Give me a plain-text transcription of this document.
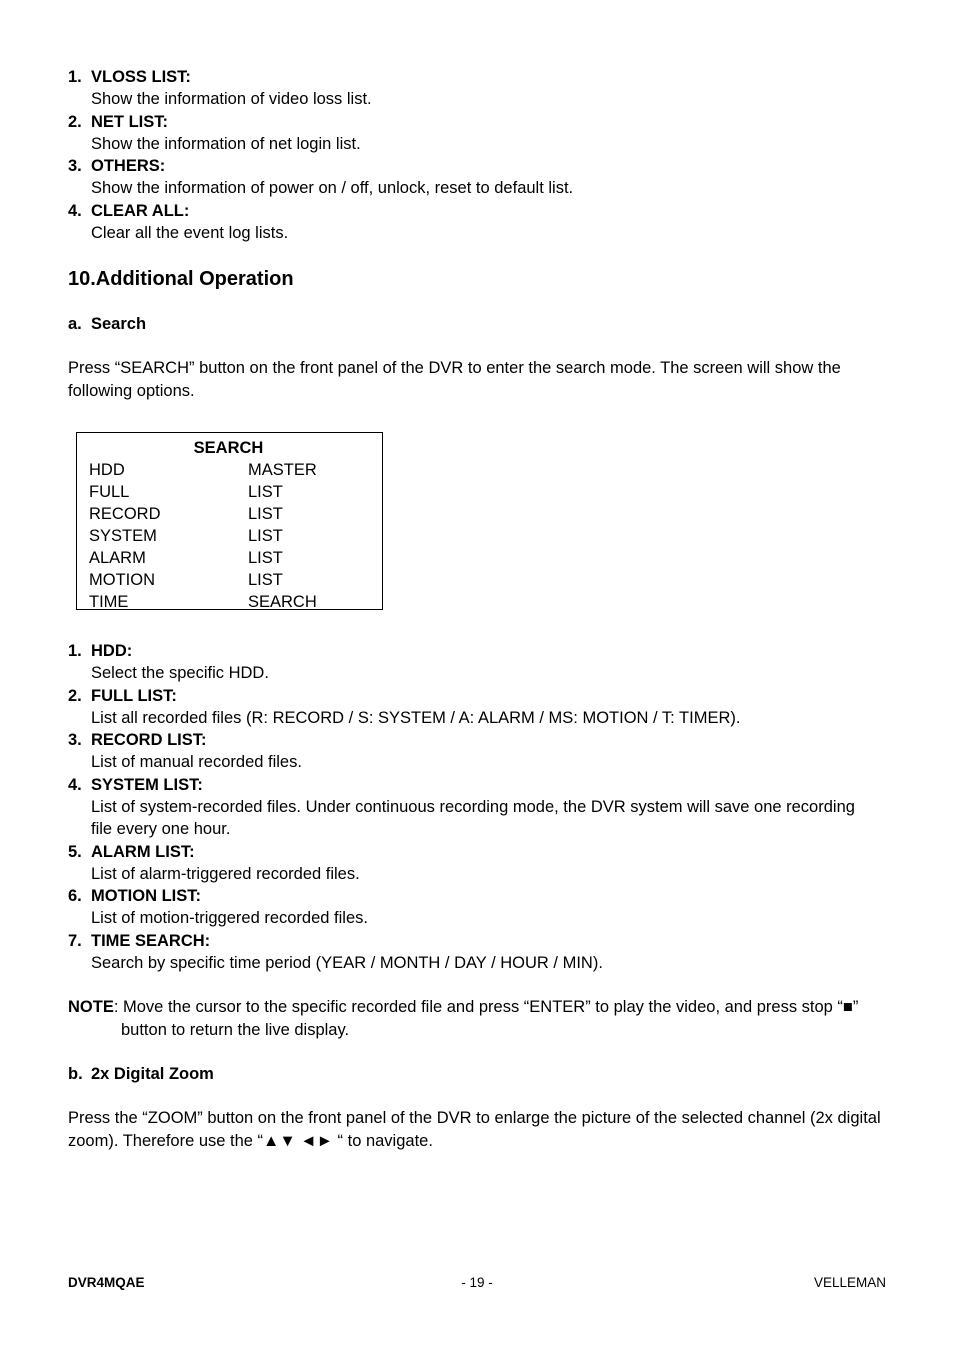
1. VLOSS LIST:
Show the information of video loss list.
2. NET LIST:
Show the information of net login list.
3. OTHERS:
Show the information of power on / off, unlock, reset to default list.
4. CLEAR ALL:
Clear all the event log lists.
10.Additional Operation
a. Search

Press “SEARCH” button on the front panel of the DVR to enter the search mode. The screen will show the following options.

SEARCH
HDD	MASTER
FULL	LIST
RECORD	LIST
SYSTEM	LIST
ALARM	LIST
MOTION	LIST
TIME	SEARCH
1. HDD:
Select the specific HDD.
2. FULL LIST:
List all recorded files (R: RECORD / S: SYSTEM / A: ALARM / MS: MOTION / T: TIMER).
3. RECORD LIST:
List of manual recorded files.
4. SYSTEM LIST:
List of system-recorded files. Under continuous recording mode, the DVR system will save one recording file every one hour.
5. ALARM LIST:
List of alarm-triggered recorded files.
6. MOTION LIST:
List of motion-triggered recorded files.
7. TIME SEARCH:
Search by specific time period (YEAR / MONTH / DAY / HOUR / MIN).
NOTE: Move the cursor to the specific recorded file and press “ENTER” to play the video, and press stop “■” button to return the live display.
b. 2x Digital Zoom

Press the “ZOOM” button on the front panel of the DVR to enlarge the picture of the selected channel (2x digital zoom). Therefore use the “▲▼ ◄► “ to navigate.

DVR4MQAE	- 19 -	VELLEMAN
